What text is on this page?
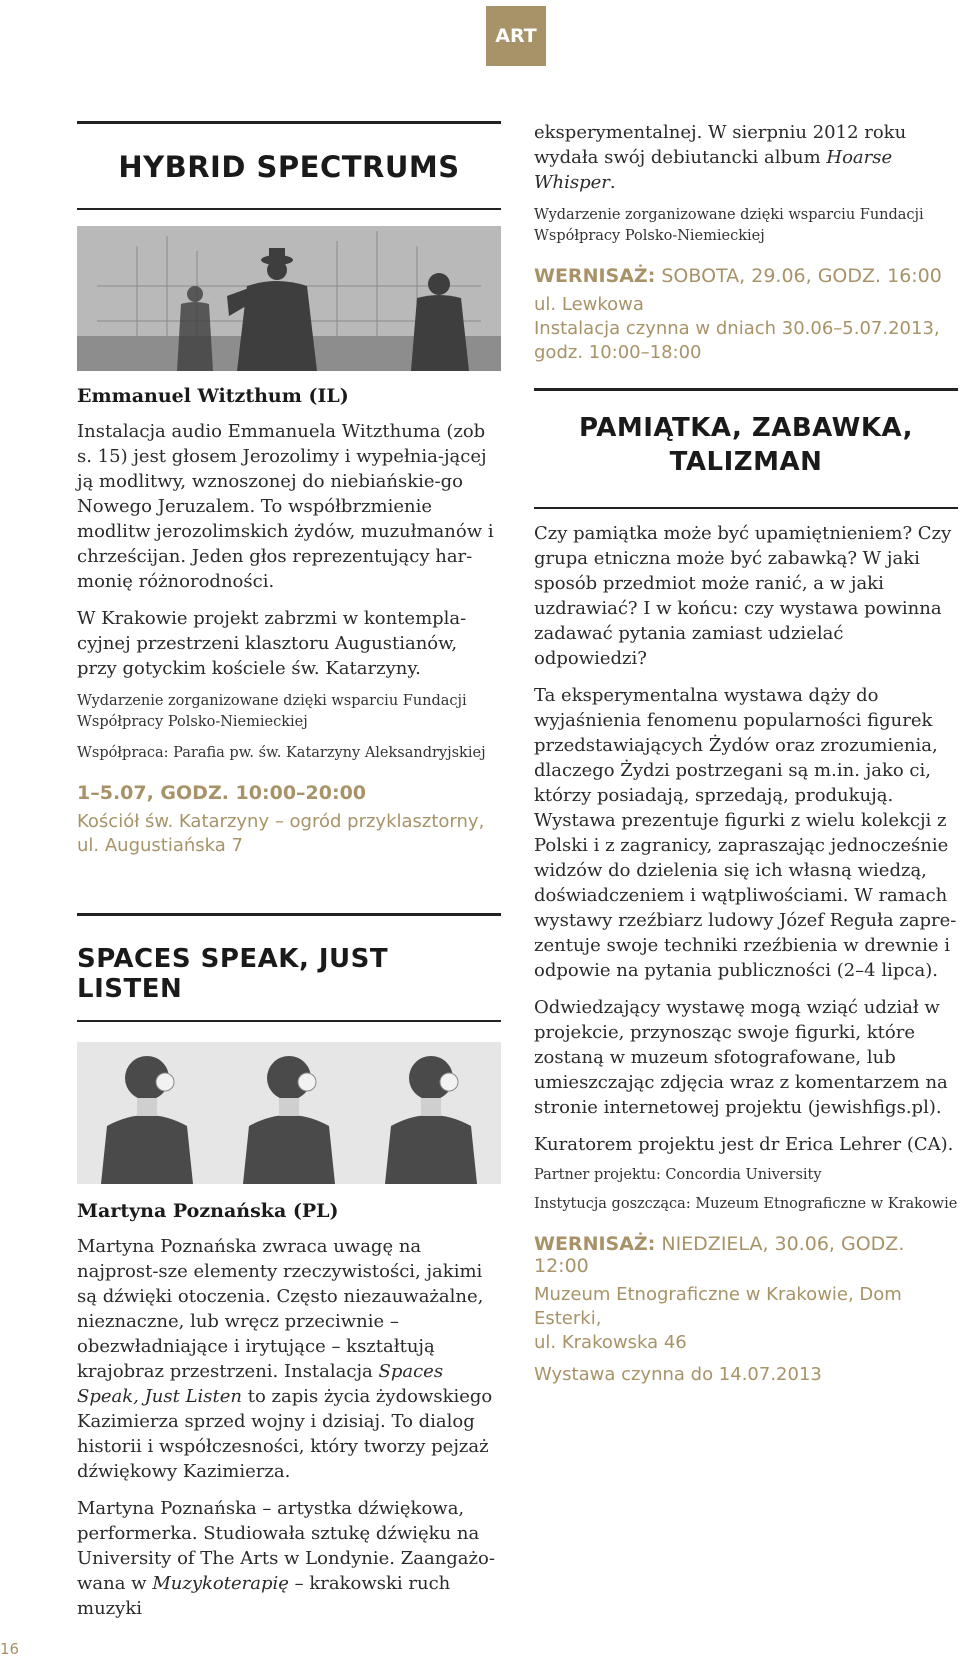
ART
HYBRID SPECTRUMS

Emmanuel Witzthum (IL)

Instalacja audio Emmanuela Witzthuma (zob s. 15) jest głosem Jerozolimy i wypełnia-jącej ją modlitwy, wznoszonej do niebiańskie-go Nowego Jeruzalem. To współbrzmienie modlitw jerozolimskich żydów, muzułmanów i chrześcijan. Jeden głos reprezentujący har-monię różnorodności.

W Krakowie projekt zabrzmi w kontempla-cyjnej przestrzeni klasztoru Augustianów, przy gotyckim kościele św. Katarzyny.

Wydarzenie zorganizowane dzięki wsparciu Fundacji Współpracy Polsko-Niemieckiej

Współpraca: Parafia pw. św. Katarzyny Aleksandryjskiej

1–5.07, GODZ. 10:00–20:00

Kościół św. Katarzyny – ogród przyklasztorny,
ul. Augustiańska 7

SPACES SPEAK, JUST LISTEN

Martyna Poznańska (PL)

Martyna Poznańska zwraca uwagę na najprost-sze elementy rzeczywistości, jakimi są dźwięki otoczenia. Często niezauważalne, nieznaczne, lub wręcz przeciwnie – obezwładniające i irytujące – kształtują krajobraz przestrzeni. Instalacja Spaces Speak, Just Listen to zapis życia żydowskiego Kazimierza sprzed wojny i dzisiaj. To dialog historii i współczesności, który tworzy pejzaż dźwiękowy Kazimierza.

Martyna Poznańska – artystka dźwiękowa, performerka. Studiowała sztukę dźwięku na University of The Arts w Londynie. Zaangażo-wana w Muzykoterapię – krakowski ruch muzyki

eksperymentalnej. W sierpniu 2012 roku wydała swój debiutancki album Hoarse Whisper.

Wydarzenie zorganizowane dzięki wsparciu Fundacji Współpracy Polsko-Niemieckiej

WERNISAŻ: SOBOTA, 29.06, GODZ. 16:00

ul. Lewkowa
Instalacja czynna w dniach 30.06–5.07.2013, godz. 10:00–18:00

PAMIĄTKA, ZABAWKA,
TALIZMAN

Czy pamiątka może być upamiętnieniem? Czy grupa etniczna może być zabawką? W jaki sposób przedmiot może ranić, a w jaki uzdrawiać? I w końcu: czy wystawa powinna zadawać pytania zamiast udzielać odpowiedzi?

Ta eksperymentalna wystawa dąży do wyjaśnienia fenomenu popularności figurek przedstawiających Żydów oraz zrozumienia, dlaczego Żydzi postrzegani są m.in. jako ci, którzy posiadają, sprzedają, produkują. Wystawa prezentuje figurki z wielu kolekcji z Polski i z zagranicy, zapraszając jednocześnie widzów do dzielenia się ich własną wiedzą, doświadczeniem i wątpliwościami. W ramach wystawy rzeźbiarz ludowy Józef Reguła zapre-zentuje swoje techniki rzeźbienia w drewnie i odpowie na pytania publiczności (2–4 lipca).

Odwiedzający wystawę mogą wziąć udział w projekcie, przynosząc swoje figurki, które zostaną w muzeum sfotografowane, lub umieszczając zdjęcia wraz z komentarzem na stronie internetowej projektu (jewishfigs.pl).

Kuratorem projektu jest dr Erica Lehrer (CA).

Partner projektu: Concordia University

Instytucja goszcząca: Muzeum Etnograficzne w Krakowie

WERNISAŻ: NIEDZIELA, 30.06, GODZ. 12:00

Muzeum Etnograficzne w Krakowie, Dom Esterki,
ul. Krakowska 46

Wystawa czynna do 14.07.2013

16
